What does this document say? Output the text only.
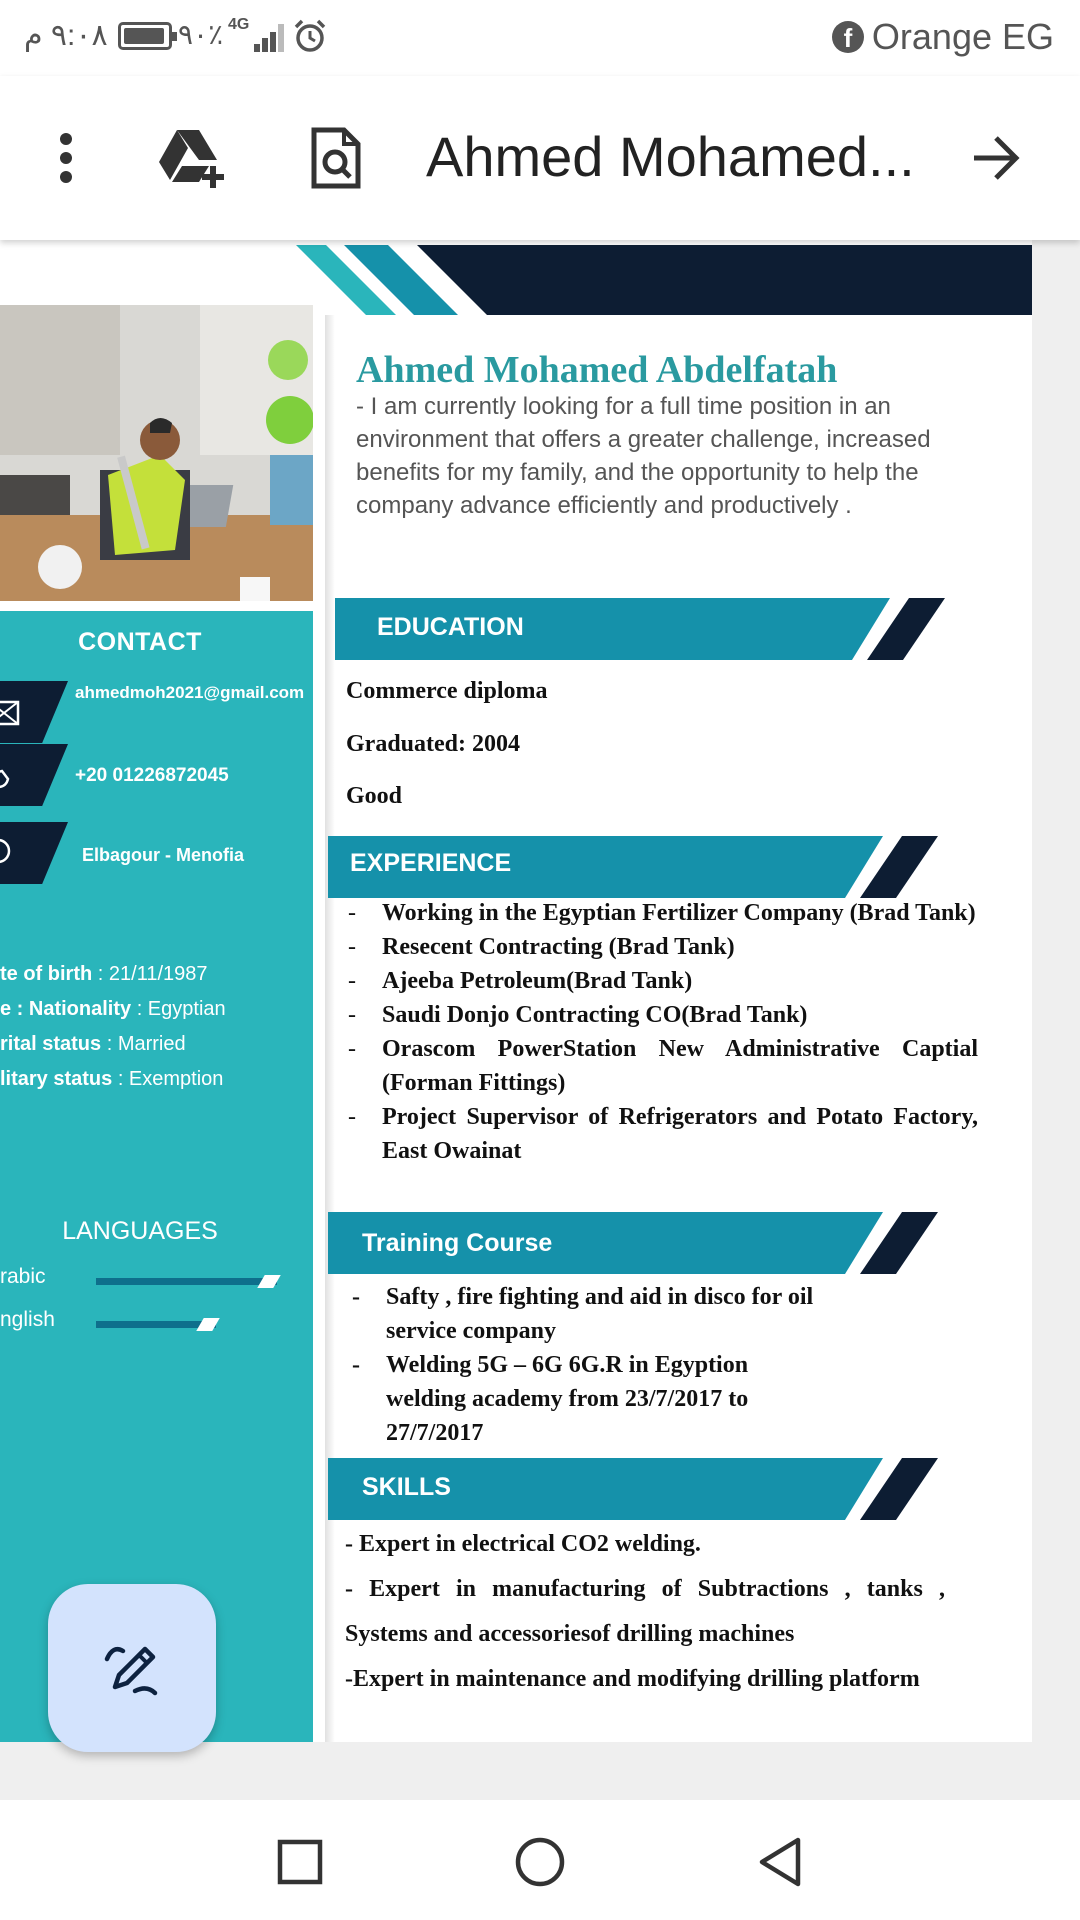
٩:٠٨ م	٩٠٪ 4G	f Orange EG
Ahmed Mohamed...
CONTACT
ahmedmoh2021@gmail.com
+20 01226872045
Elbagour - Menofia
te of birth : 21/11/1987
e : Nationality : Egyptian
rital status : Married
litary status : Exemption
LANGUAGES
rabic
nglish
Ahmed Mohamed Abdelfatah
- I am currently looking for a full time position in an environment that offers a greater challenge, increased benefits for my family, and the opportunity to help the company advance efficiently and productively .
EDUCATION
Commerce diploma
Graduated: 2004
Good
EXPERIENCE
- Working in the Egyptian Fertilizer Company (Brad Tank)
- Resecent Contracting (Brad Tank)
- Ajeeba Petroleum(Brad Tank)
- Saudi Donjo Contracting CO(Brad Tank)
- Orascom PowerStation New Administrative Captial (Forman Fittings)
- Project Supervisor of Refrigerators and Potato Factory, East Owainat
Training Course
- Safty , fire fighting and aid in disco for oil service company
- Welding 5G – 6G 6G.R in Egyption welding academy from 23/7/2017 to 27/7/2017
SKILLS

- Expert in electrical CO2 welding.

- Expert in manufacturing of Subtractions , tanks , Systems and accessoriesof drilling machines

-Expert in maintenance and modifying drilling platform
